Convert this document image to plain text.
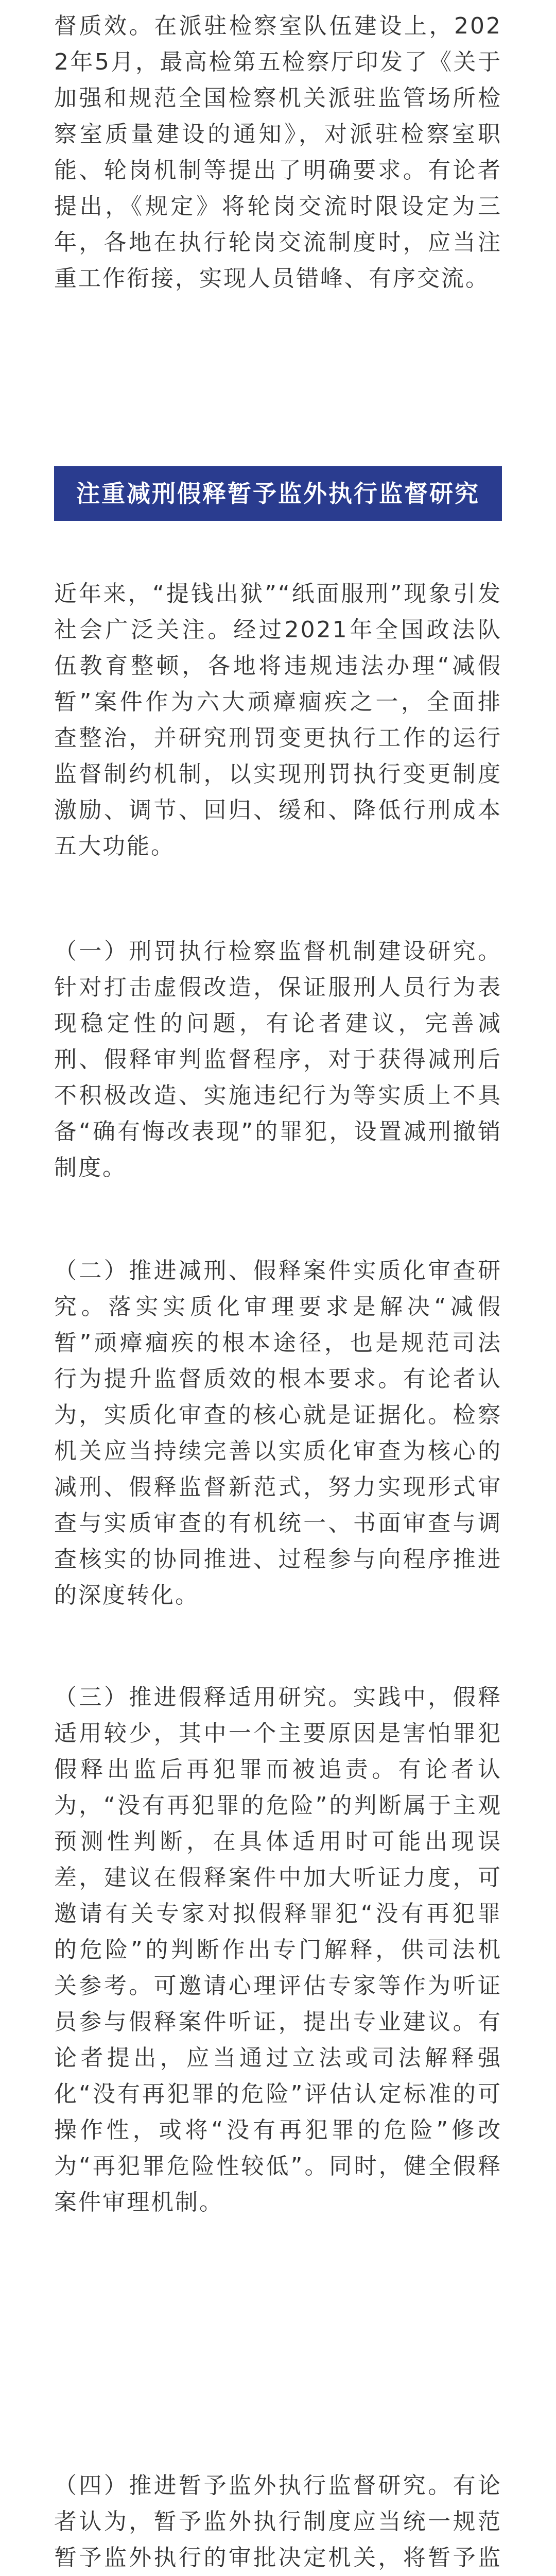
督质效。在派驻检察室队伍建设上，2022年5月，最高检第五检察厅印发了《关于加强和规范全国检察机关派驻监管场所检察室质量建设的通知》，对派驻检察室职能、轮岗机制等提出了明确要求。有论者提出，《规定》将轮岗交流时限设定为三年，各地在执行轮岗交流制度时，应当注重工作衔接，实现人员错峰、有序交流。

注重减刑假释暂予监外执行监督研究

近年来，“提钱出狱”“纸面服刑”现象引发社会广泛关注。经过2021年全国政法队伍教育整顿，各地将违规违法办理“减假暂”案件作为六大顽瘴痼疾之一，全面排查整治，并研究刑罚变更执行工作的运行监督制约机制，以实现刑罚执行变更制度激励、调节、回归、缓和、降低行刑成本五大功能。

（一）刑罚执行检察监督机制建设研究。针对打击虚假改造，保证服刑人员行为表现稳定性的问题，有论者建议，完善减刑、假释审判监督程序，对于获得减刑后不积极改造、实施违纪行为等实质上不具备“确有悔改表现”的罪犯，设置减刑撤销制度。

（二）推进减刑、假释案件实质化审查研究。落实实质化审理要求是解决“减假暂”顽瘴痼疾的根本途径，也是规范司法行为提升监督质效的根本要求。有论者认为，实质化审查的核心就是证据化。检察机关应当持续完善以实质化审查为核心的减刑、假释监督新范式，努力实现形式审查与实质审查的有机统一、书面审查与调查核实的协同推进、过程参与向程序推进的深度转化。

（三）推进假释适用研究。实践中，假释适用较少，其中一个主要原因是害怕罪犯假释出监后再犯罪而被追责。有论者认为，“没有再犯罪的危险”的判断属于主观预测性判断，在具体适用时可能出现误差，建议在假释案件中加大听证力度，可邀请有关专家对拟假释罪犯“没有再犯罪的危险”的判断作出专门解释，供司法机关参考。可邀请心理评估专家等作为听证员参与假释案件听证，提出专业建议。有论者提出，应当通过立法或司法解释强化“没有再犯罪的危险”评估认定标准的可操作性，或将“没有再犯罪的危险”修改为“再犯罪危险性较低”。同时，健全假释案件审理机制。

（四）推进暂予监外执行监督研究。有论者认为，暂予监外执行制度应当统一规范暂予监外执行的审批决定机关，将暂予监
